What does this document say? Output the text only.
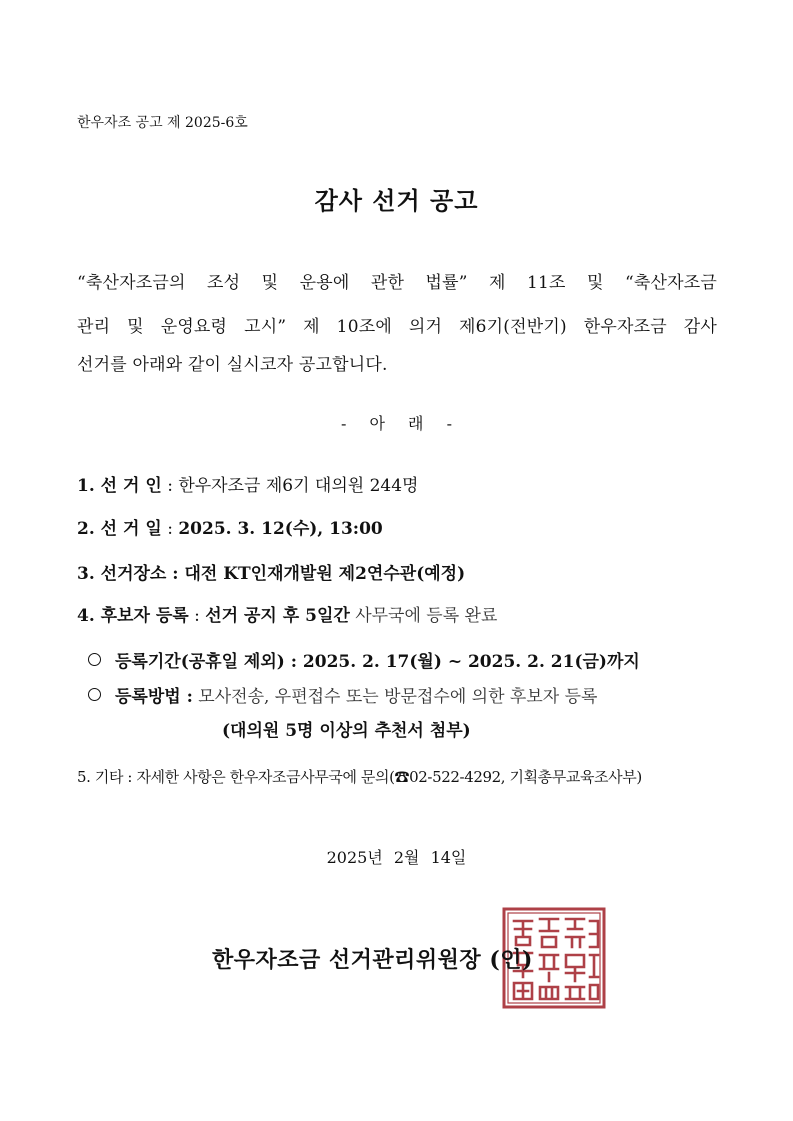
한우자조 공고 제 2025-6호
감사 선거 공고
“축산자조금의 조성 및 운용에 관한 법률” 제 11조 및 “축산자조금
관리 및 운영요령 고시” 제 10조에 의거 제6기(전반기) 한우자조금 감사
선거를 아래와 같이 실시코자 공고합니다.
- 아 래 -
1. 선 거 인 : 한우자조금 제6기 대의원 244명
2. 선 거 일 : 2025. 3. 12(수), 13:00
3. 선거장소 : 대전 KT인재개발원 제2연수관(예정)
4. 후보자 등록 : 선거 공지 후 5일간 사무국에 등록 완료
등록기간(공휴일 제외) : 2025. 2. 17(월) ~ 2025. 2. 21(금)까지
등록방법 : 모사전송, 우편접수 또는 방문접수에 의한 후보자 등록
(대의원 5명 이상의 추천서 첨부)
5. 기타 : 자세한 사항은 한우자조금사무국에 문의(☎02-522-4292, 기획총무교육조사부)
2025년 2월 14일
한우자조금 선거관리위원장 (인)
